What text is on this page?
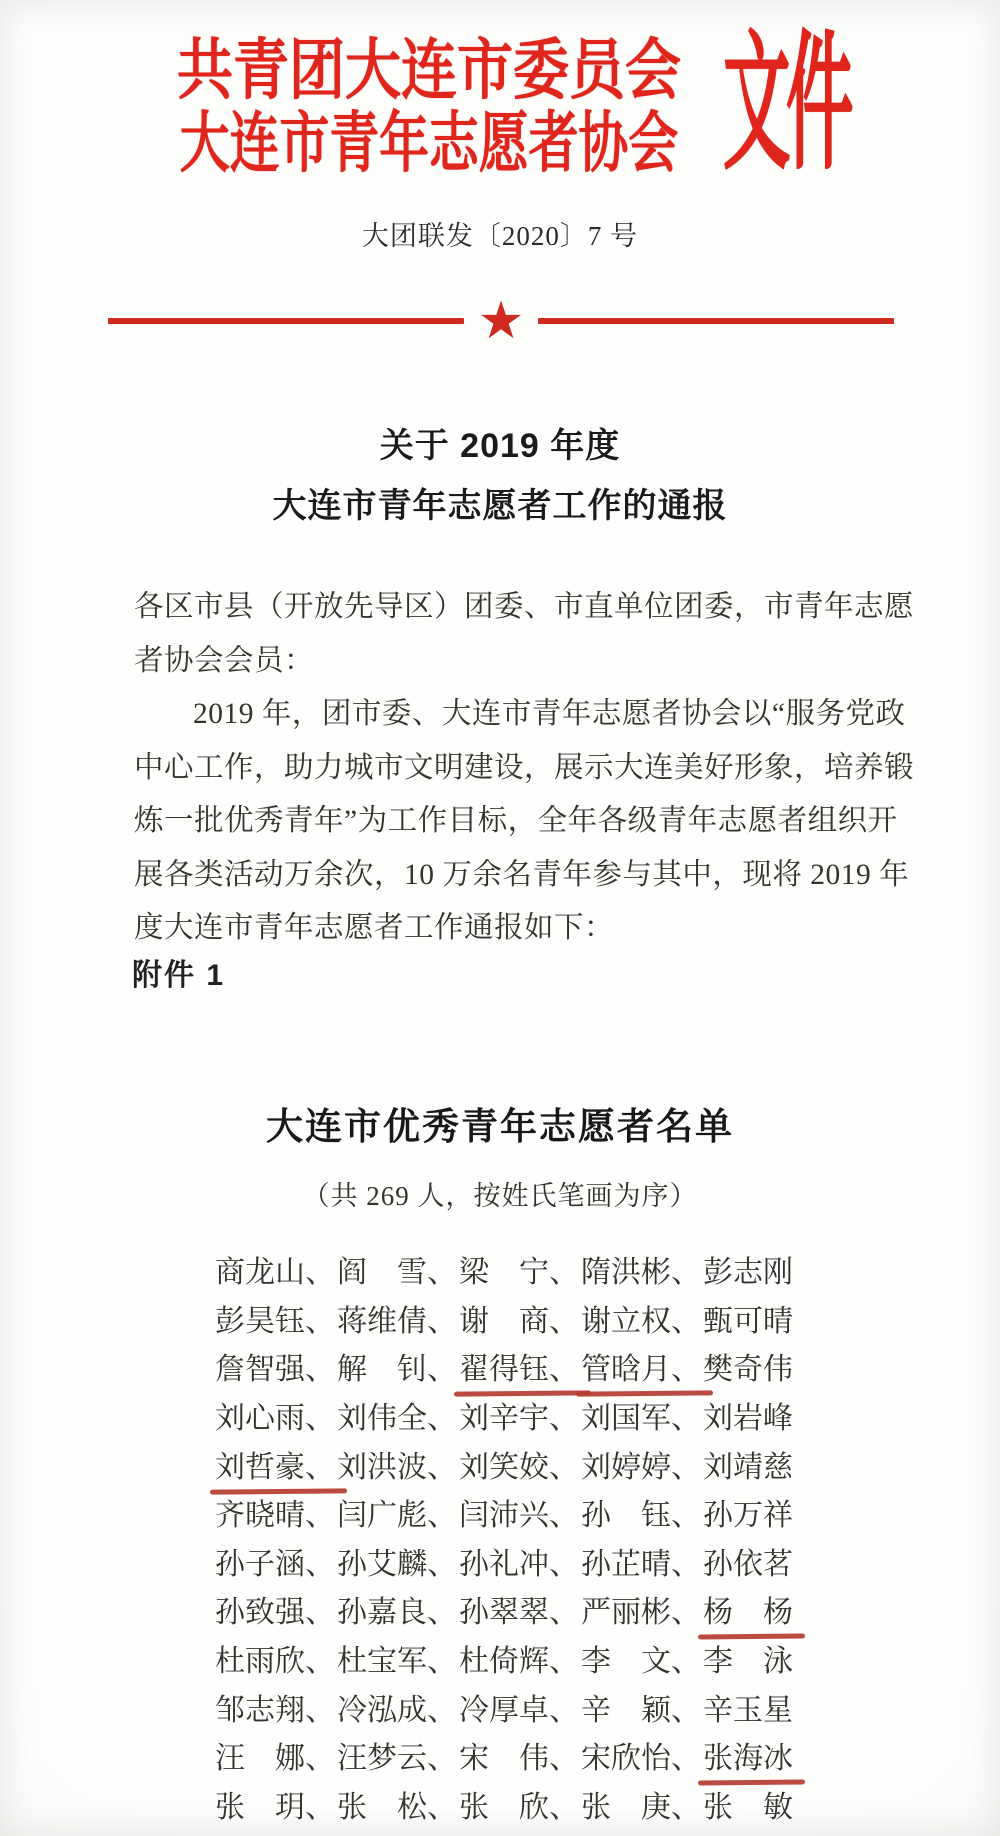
共青团大连市委员会
大连市青年志愿者协会 文件
大团联发〔2020〕7 号
★
关于 2019 年度
大连市青年志愿者工作的通报
各区市县（开放先导区）团委、市直单位团委，市青年志愿
者协会会员：
2019 年，团市委、大连市青年志愿者协会以“服务党政
中心工作，助力城市文明建设，展示大连美好形象，培养锻
炼一批优秀青年”为工作目标，全年各级青年志愿者组织开
展各类活动万余次，10 万余名青年参与其中，现将 2019 年
度大连市青年志愿者工作通报如下：
附件 1
大连市优秀青年志愿者名单
（共 269 人，按姓氏笔画为序）
商龙山、 阎　雪、 梁　宁、 隋洪彬、 彭志刚
彭昊钰、 蒋维倩、 谢　商、 谢立权、 甄可晴
詹智强、 解　钊、 翟得钰、 管晗月、 樊奇伟
刘心雨、 刘伟全、 刘辛宇、 刘国军、 刘岩峰
刘哲豪、 刘洪波、 刘笑姣、 刘婷婷、 刘靖慈
齐晓晴、 闫广彪、 闫沛兴、 孙　钰、 孙万祥
孙子涵、 孙艾麟、 孙礼冲、 孙芷晴、 孙依茗
孙致强、 孙嘉良、 孙翠翠、 严丽彬、 杨　杨
杜雨欣、 杜宝军、 杜倚辉、 李　文、 李　泳
邹志翔、 冷泓成、 冷厚卓、 辛　颖、 辛玉星
汪　娜、 汪梦云、 宋　伟、 宋欣怡、 张海冰
张　玥、 张　松、 张　欣、 张　庚、 张　敏
